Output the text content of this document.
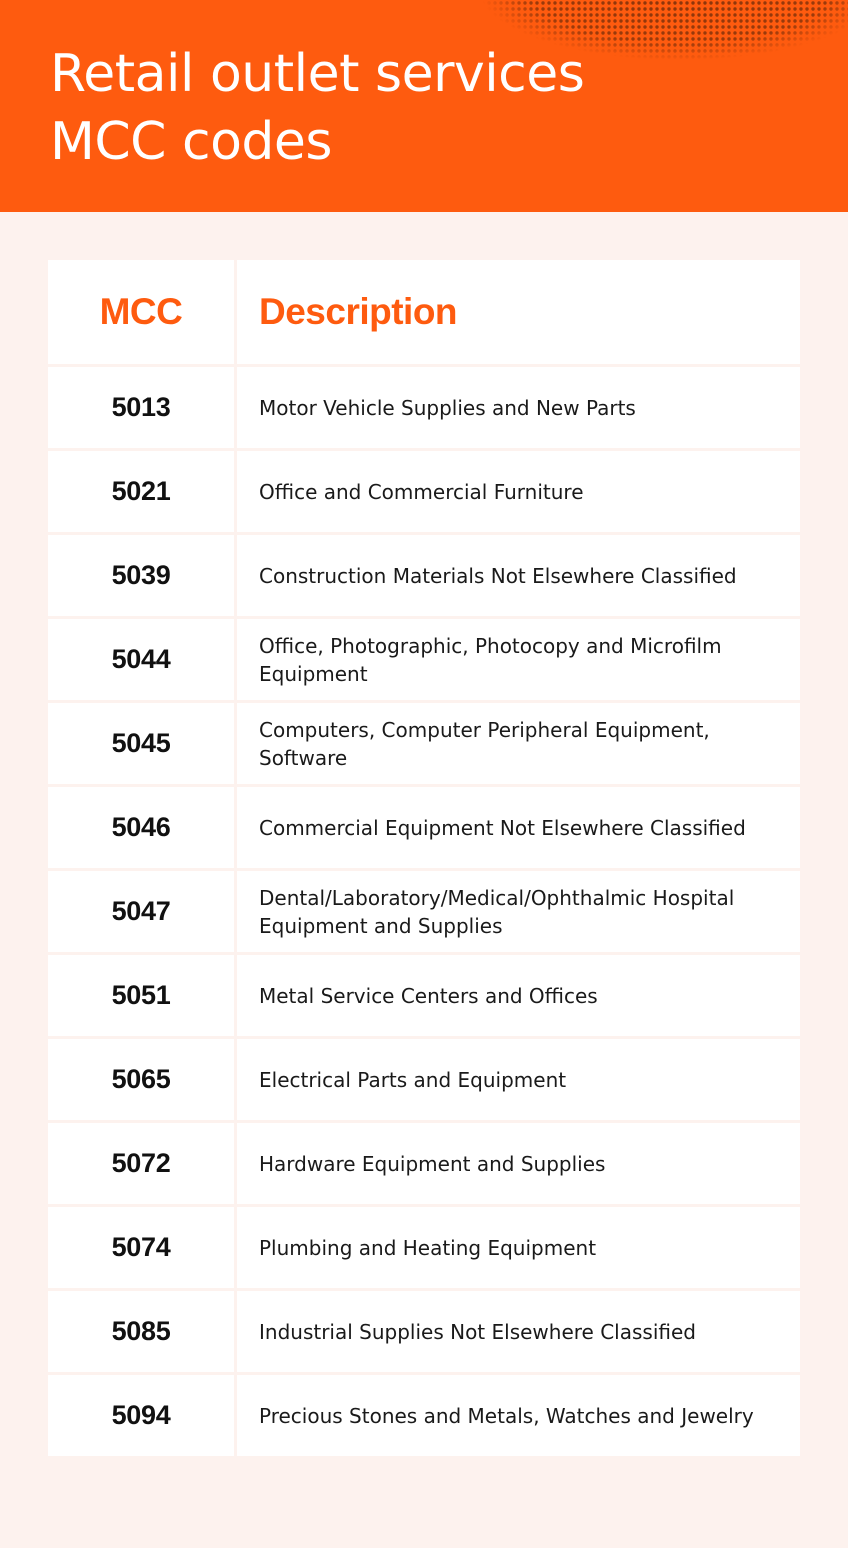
Retail outlet services
MCC codes
MCC	Description
5013	Motor Vehicle Supplies and New Parts
5021	Office and Commercial Furniture
5039	Construction Materials Not Elsewhere Classified
5044	Office, Photographic, Photocopy and Microfilm Equipment
5045	Computers, Computer Peripheral Equipment, Software
5046	Commercial Equipment Not Elsewhere Classified
5047	Dental/Laboratory/Medical/Ophthalmic Hospital Equipment and Supplies
5051	Metal Service Centers and Offices
5065	Electrical Parts and Equipment
5072	Hardware Equipment and Supplies
5074	Plumbing and Heating Equipment
5085	Industrial Supplies Not Elsewhere Classified
5094	Precious Stones and Metals, Watches and Jewelry
